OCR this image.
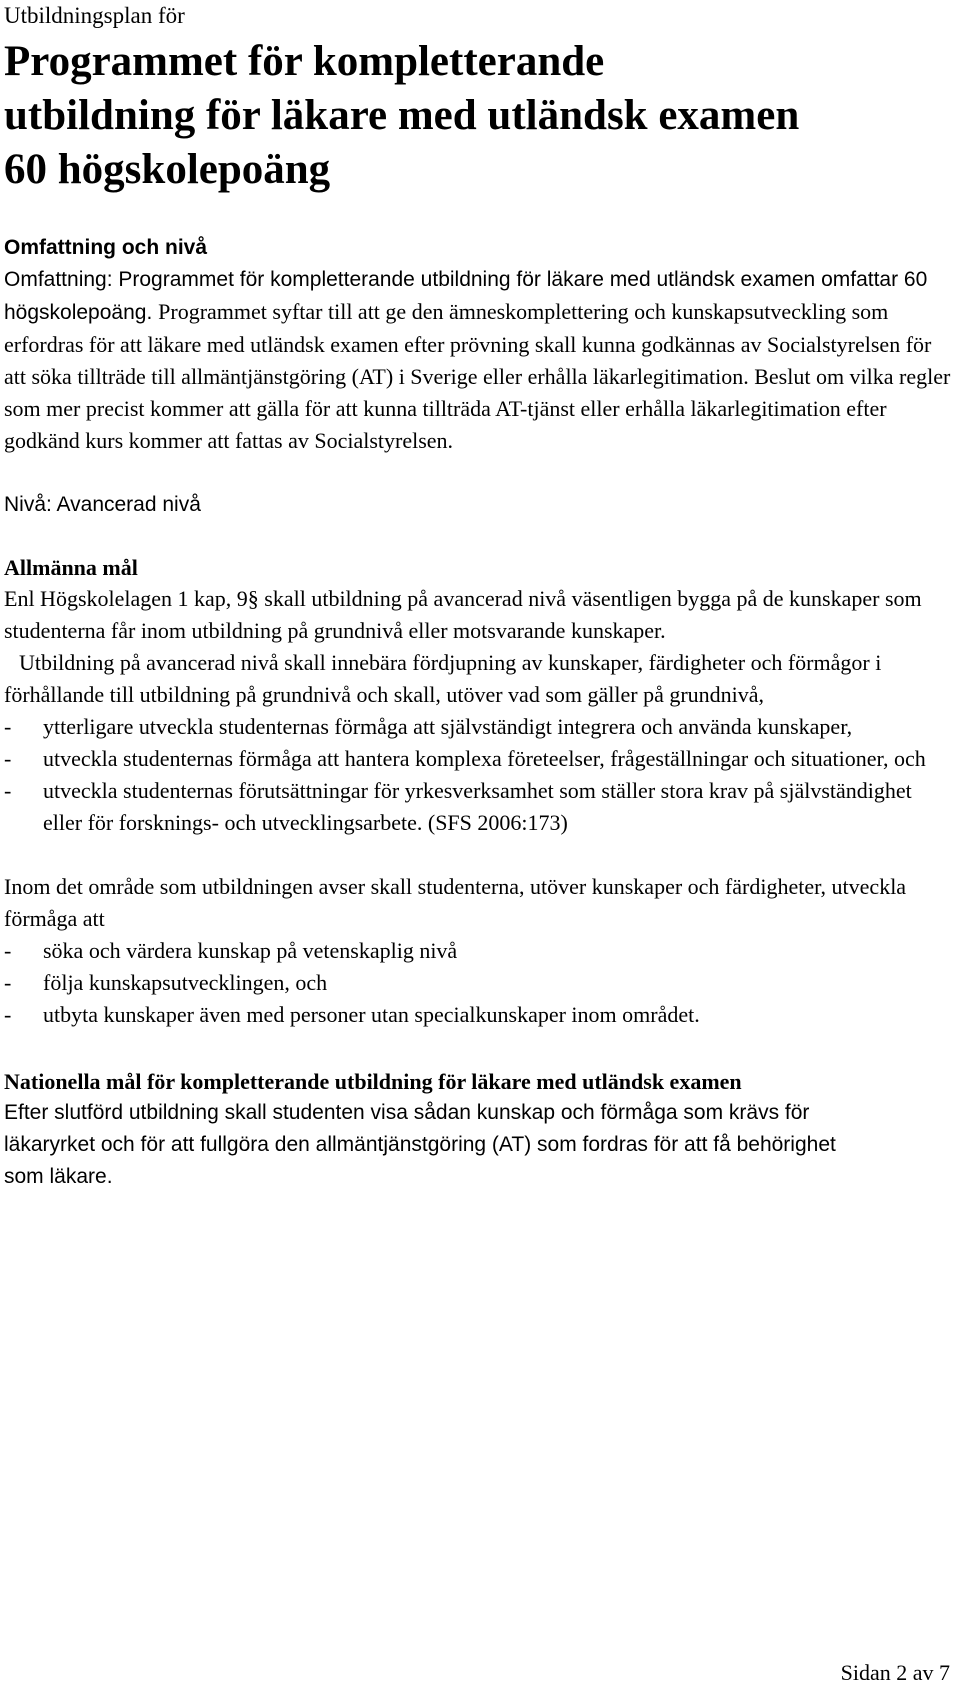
Utbildningsplan för
Programmet för kompletterande utbildning för läkare med utländsk examen 60 högskolepoäng
Omfattning och nivå

Omfattning: Programmet för kompletterande utbildning för läkare med utländsk examen omfattar 60 högskolepoäng. Programmet syftar till att ge den ämneskomplettering och kunskapsutveckling som erfordras för att läkare med utländsk examen efter prövning skall kunna godkännas av Socialstyrelsen för att söka tillträde till allmäntjänstgöring (AT) i Sverige eller erhålla läkarlegitimation. Beslut om vilka regler som mer precist kommer att gälla för att kunna tillträda AT-tjänst eller erhålla läkarlegitimation efter godkänd kurs kommer att fattas av Socialstyrelsen.

Nivå: Avancerad nivå

Allmänna mål

Enl Högskolelagen 1 kap, 9§ skall utbildning på avancerad nivå väsentligen bygga på de kunskaper som studenterna får inom utbildning på grundnivå eller motsvarande kunskaper.

Utbildning på avancerad nivå skall innebära fördjupning av kunskaper, färdigheter och förmågor i förhållande till utbildning på grundnivå och skall, utöver vad som gäller på grundnivå,

- ytterligare utveckla studenternas förmåga att självständigt integrera och använda kunskaper,
- utveckla studenternas förmåga att hantera komplexa företeelser, frågeställningar och situationer, och
- utveckla studenternas förutsättningar för yrkesverksamhet som ställer stora krav på självständighet eller för forsknings- och utvecklingsarbete. (SFS 2006:173)

Inom det område som utbildningen avser skall studenterna, utöver kunskaper och färdigheter, utveckla förmåga att

- söka och värdera kunskap på vetenskaplig nivå
- följa kunskapsutvecklingen, och
- utbyta kunskaper även med personer utan specialkunskaper inom området.
Nationella mål för kompletterande utbildning för läkare med utländsk examen

Efter slutförd utbildning skall studenten visa sådan kunskap och förmåga som krävs för läkaryrket och för att fullgöra den allmäntjänstgöring (AT) som fordras för att få behörighet som läkare.

Sidan 2 av 7
